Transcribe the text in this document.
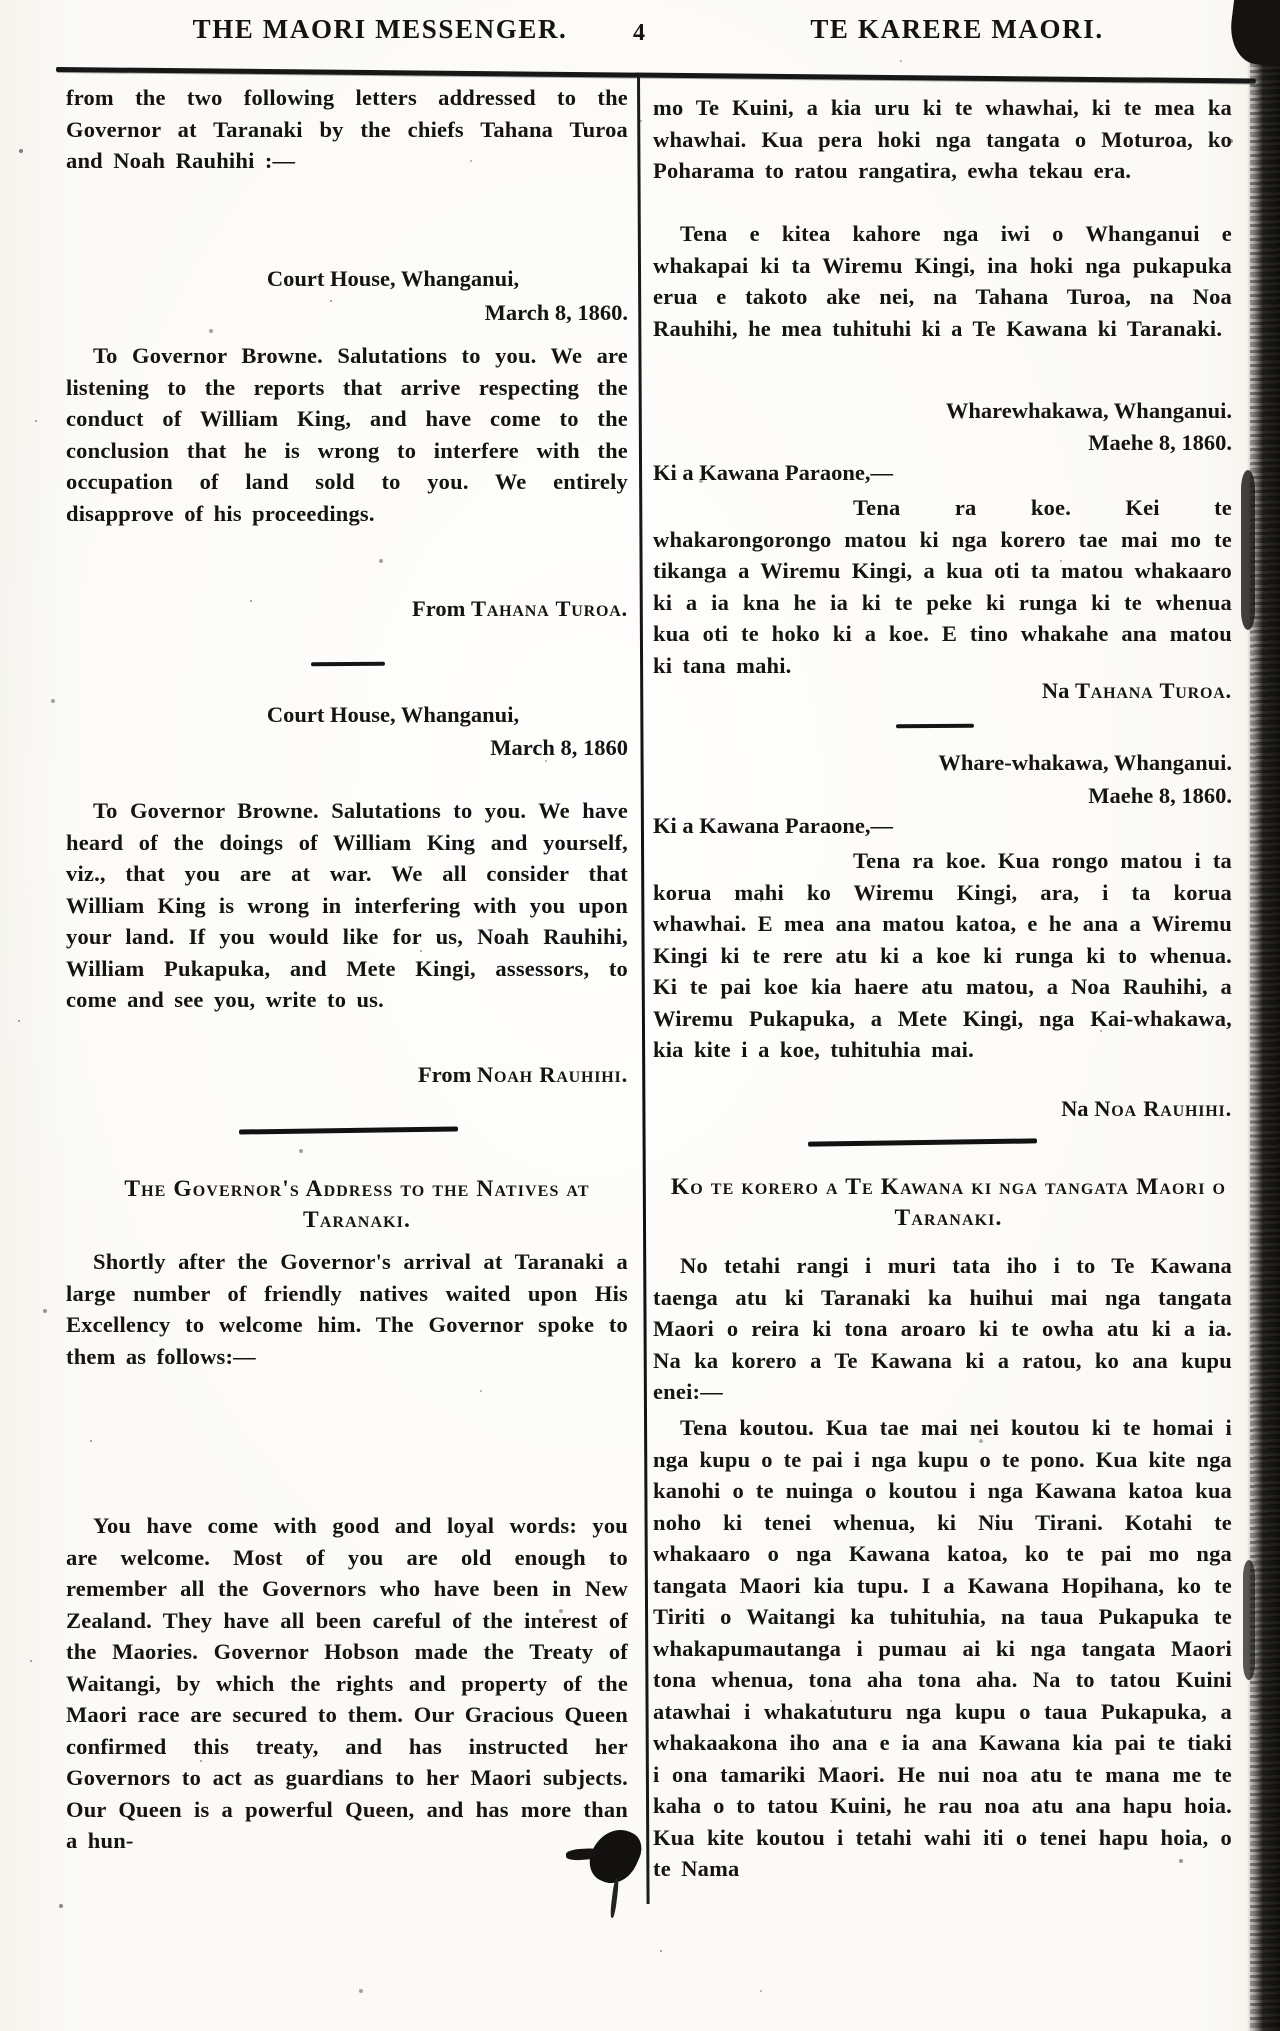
THE MAORI MESSENGER.	4	TE KARERE MAORI.
from the two following letters addressed to the Governor at Taranaki by the chiefs Tahana Turoa and Noah Rauhihi :—
Court House, Whanganui,
March 8, 1860.
To Governor Browne. Salutations to you. We are listening to the reports that arrive respecting the conduct of William King, and have come to the conclusion that he is wrong to interfere with the occupation of land sold to you. We entirely disapprove of his proceedings.
From Tahana Turoa.
Court House, Whanganui,
March 8, 1860
To Governor Browne. Salutations to you. We have heard of the doings of William King and yourself, viz., that you are at war. We all consider that William King is wrong in interfering with you upon your land. If you would like for us, Noah Rauhihi, William Pukapuka, and Mete Kingi, assessors, to come and see you, write to us.
From Noah Rauhihi.
The Governor's Address to the Natives at Taranaki.
Shortly after the Governor's arrival at Taranaki a large number of friendly natives waited upon His Excellency to welcome him. The Governor spoke to them as follows:—
You have come with good and loyal words: you are welcome. Most of you are old enough to remember all the Governors who have been in New Zealand. They have all been careful of the interest of the Maories. Governor Hobson made the Treaty of Waitangi, by which the rights and property of the Maori race are secured to them. Our Gracious Queen confirmed this treaty, and has instructed her Governors to act as guardians to her Maori subjects. Our Queen is a powerful Queen, and has more than a hun-
mo Te Kuini, a kia uru ki te whawhai, ki te mea ka whawhai. Kua pera hoki nga tangata o Moturoa, ko Poharama to ratou rangatira, ewha tekau era.
Tena e kitea kahore nga iwi o Whanganui e whakapai ki ta Wiremu Kingi, ina hoki nga pukapuka erua e takoto ake nei, na Tahana Turoa, na Noa Rauhihi, he mea tuhituhi ki a Te Kawana ki Taranaki.
Wharewhakawa, Whanganui.
Maehe 8, 1860.
Ki a Kawana Paraone,—
Tena ra koe. Kei te whakarongorongo matou ki nga korero tae mai mo te tikanga a Wiremu Kingi, a kua oti ta matou whakaaro ki a ia kna he ia ki te peke ki runga ki te whenua kua oti te hoko ki a koe. E tino whakahe ana matou ki tana mahi.
Na Tahana Turoa.
Whare-whakawa, Whanganui.
Maehe 8, 1860.
Ki a Kawana Paraone,—
Tena ra koe. Kua rongo matou i ta korua mahi ko Wiremu Kingi, ara, i ta korua whawhai. E mea ana matou katoa, e he ana a Wiremu Kingi ki te rere atu ki a koe ki runga ki to whenua. Ki te pai koe kia haere atu matou, a Noa Rauhihi, a Wiremu Pukapuka, a Mete Kingi, nga Kai-whakawa, kia kite i a koe, tuhituhia mai.
Na Noa Rauhihi.
Ko te korero a Te Kawana ki nga tangata Maori o Taranaki.
No tetahi rangi i muri tata iho i to Te Kawana taenga atu ki Taranaki ka huihui mai nga tangata Maori o reira ki tona aroaro ki te owha atu ki a ia. Na ka korero a Te Kawana ki a ratou, ko ana kupu enei:—
Tena koutou. Kua tae mai nei koutou ki te homai i nga kupu o te pai i nga kupu o te pono. Kua kite nga kanohi o te nuinga o koutou i nga Kawana katoa kua noho ki tenei whenua, ki Niu Tirani. Kotahi te whakaaro o nga Kawana katoa, ko te pai mo nga tangata Maori kia tupu. I a Kawana Hopihana, ko te Tiriti o Waitangi ka tuhituhia, na taua Pukapuka te whakapumautanga i pumau ai ki nga tangata Maori tona whenua, tona aha tona aha. Na to tatou Kuini atawhai i whakatuturu nga kupu o taua Pukapuka, a whakaakona iho ana e ia ana Kawana kia pai te tiaki i ona tamariki Maori. He nui noa atu te mana me te kaha o to tatou Kuini, he rau noa atu ana hapu hoia. Kua kite koutou i tetahi wahi iti o tenei hapu hoia, o te Nama
